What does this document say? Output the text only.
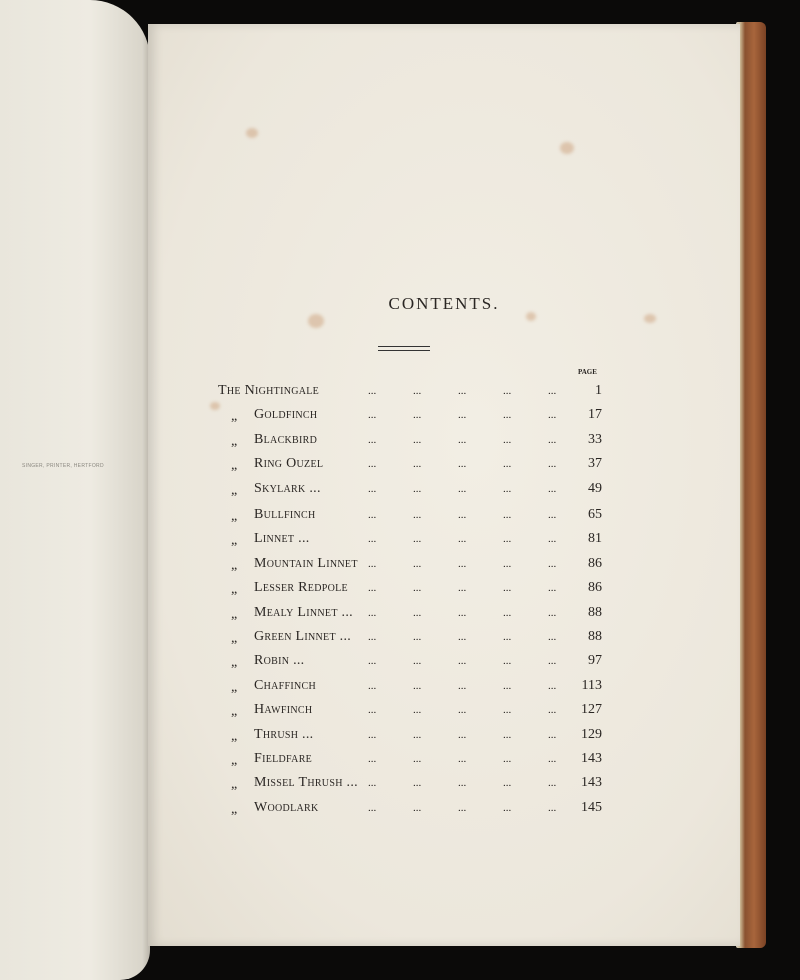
SINGER, PRINTER, HERTFORD
CONTENTS.
PAGE
The Nightingale	...	...	...	...	...	1
„ Goldfinch	...	...	...	...	... 17
„ Blackbird	...	...	...	...	... 33
„ Ring Ouzel	...	...	...	...	... 37
„ Skylark ...	...	...	...	...	... 49
„ Bullfinch	...	...	...	...	... 65
„ Linnet ...	...	...	...	...	... 81
„ Mountain Linnet ...	...	...	...	... 86
„ Lesser Redpole ...	...	...	...	... 86
„ Mealy Linnet ... ...	...	...	...	... 88
„ Green Linnet ... ...	...	...	...	... 88
„ Robin ...	...	...	...	...	... 97
„ Chaffinch	...	...	...	...	... 113
„ Hawfinch	...	...	...	...	... 127
„ Thrush ...	...	...	...	...	... 129
„ Fieldfare	...	...	...	...	... 143
„ Missel Thrush ... ...	...	...	...	... 143
„ Woodlark	...	...	...	...	... 145
